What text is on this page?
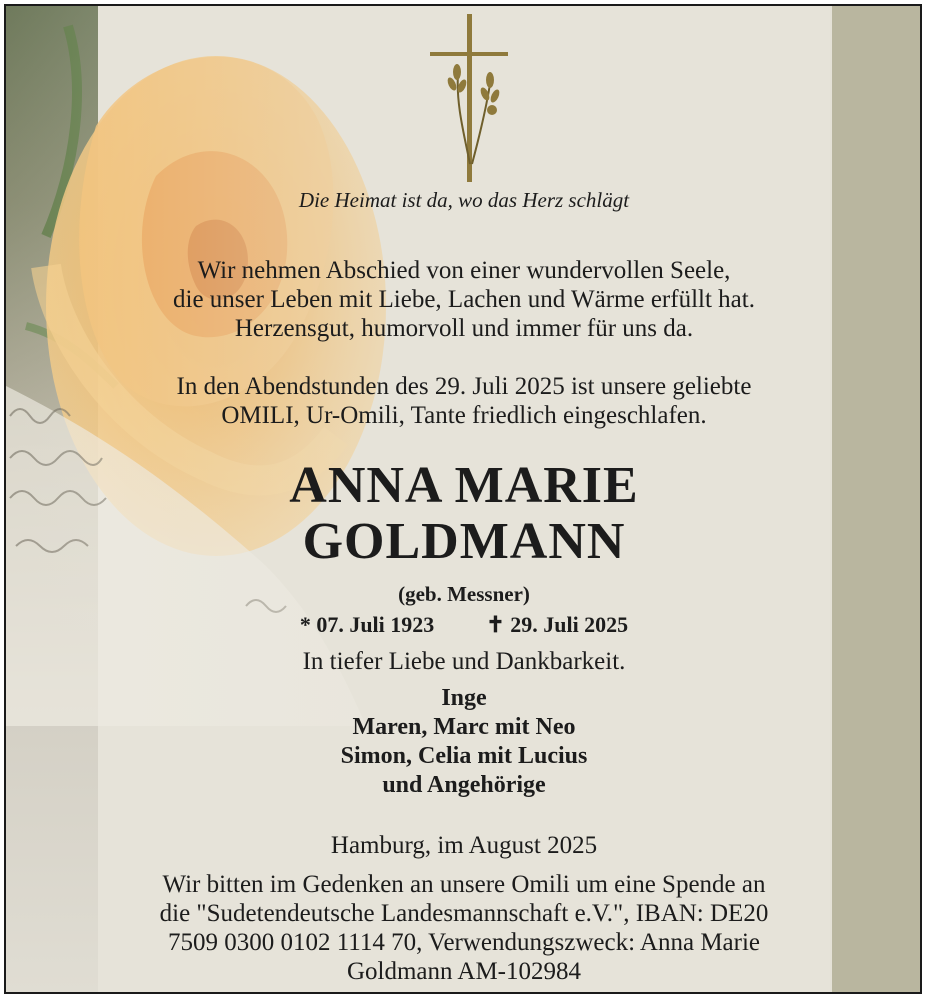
Die Heimat ist da, wo das Herz schlägt
Wir nehmen Abschied von einer wundervollen Seele,
die unser Leben mit Liebe, Lachen und Wärme erfüllt hat.
Herzensgut, humorvoll und immer für uns da.
In den Abendstunden des 29. Juli 2025 ist unsere geliebte
OMILI, Ur-Omili, Tante friedlich eingeschlafen.
ANNA MARIE
GOLDMANN
(geb. Messner)
* 07. Juli 1923 ✝ 29. Juli 2025
In tiefer Liebe und Dankbarkeit.
Inge
Maren, Marc mit Neo
Simon, Celia mit Lucius
und Angehörige
Hamburg, im August 2025
Wir bitten im Gedenken an unsere Omili um eine Spende an
die "Sudetendeutsche Landesmannschaft e.V.", IBAN: DE20
7509 0300 0102 1114 70, Verwendungszweck: Anna Marie
Goldmann AM-102984
